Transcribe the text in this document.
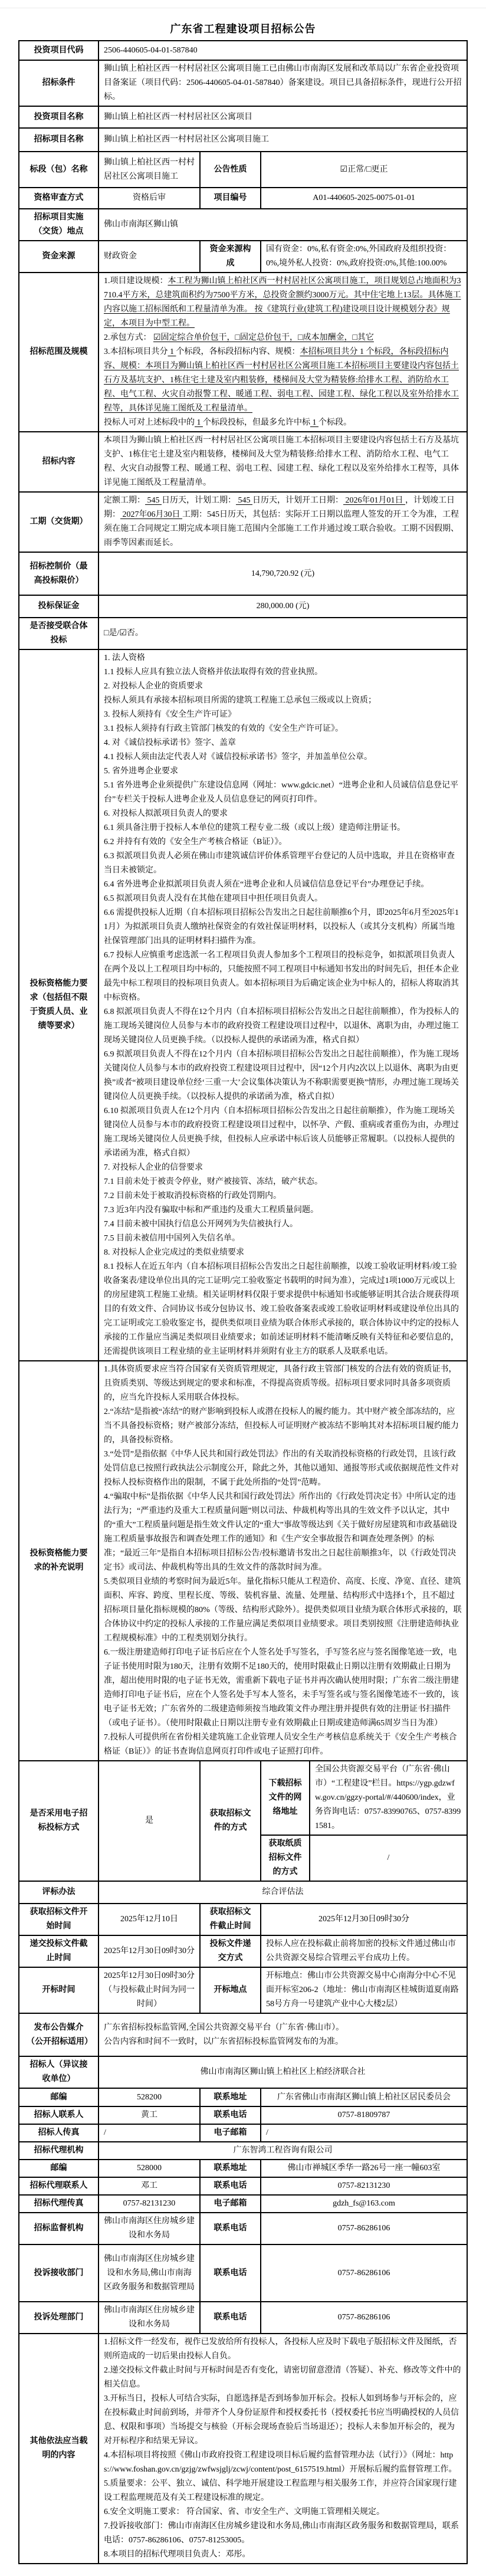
广东省工程建设项目招标公告
投资项目代码	2506-440605-04-01-587840			

招标条件	狮山镇上柏社区西一村村居社区公寓项目施工已由佛山市南海区发展和改革局以广东省企业投资项目备案证（项目代码：2506-440605-04-01-587840）备案建设。项目已具备招标条件，现进行公开招标。			

投资项目名称	狮山镇上柏社区西一村村居社区公寓项目			

招标项目名称	狮山镇上柏社区西一村村居社区公寓项目施工			

标段（包）名称	狮山镇上柏社区西一村村居社区公寓项目施工	公告性质	☑正常/□更正	

资格审查方式	资格后审	项目编号	A01-440605-2025-0075-01-01	

招标项目实施（交货）地点	佛山市南海区狮山镇			

资金来源	财政资金	资金来源构成	国有资金：0%,私有资金:0%,外国政府及组织投资：0%,境外私人投资：0%,政府投资:0%,其他:100.00%	

招标范围及规模	1.项目建设规模：本工程为狮山镇上柏社区西一村村居社区公寓项目施工，项目规划总占地面积为3710.4平方米，总建筑面积约为7500平方米，总投资金额约3000万元。其中住宅地上13层。具体施工内容以施工招标图纸和工程量清单为准。 按《建筑行业(建筑工程)建设项目设计规模划分表》规定，本项目为中型工程。
2.承包方式： ☑固定综合单价包干，□固定总价包干，□成本加酬金，□其它
3.本招标项目共分 1 个标段，各标段招标内容、规模：本招标项目共分 1 个标段，各标段招标内容、规模：本项目为狮山镇上柏社区西一村村居社区公寓项目施工本招标项目主要建设内容包括土石方及基坑支护、1栋住宅土建及室内粗装修，楼梯间及大堂为精装修:给排水工程、消防给水工程、电气工程、火灾自动报警工程、暖通工程、弱电工程、园建工程、绿化工程以及室外给排水工程等，具体详见施工图纸及工程量清单。
投标人可对上述标段中的 1 个标段投标，但最多允许中标 1 个标段。			

招标内容	本项目为狮山镇上柏社区西一村村居社区公寓项目施工本招标项目主要建设内容包括土石方及基坑支护、1栋住宅土建及室内粗装修，楼梯间及大堂为精装修:给排水工程、消防给水工程、电气工程、火灾自动报警工程、暖通工程、弱电工程、园建工程、绿化工程以及室外给排水工程等，具体详见施工图纸及工程量清单。			

工期（交货期）	定额工期： 545 日历天，计划工期： 545 日历天，计划开工日期： 2026年01月01日 ，计划竣工日期： 2027年06月30日 工期：545日历天，其包括：实际开工日期以监理人签发的开工令为准，工程须在施工合同规定工期完成本项目施工范围内全部施工工作并通过竣工联合验收。工期不因假期、雨季等因素而延长。			

招标控制价（最高投标限价）	14,790,720.92 (元)			

投标保证金	280,000.00 (元)			

是否接受联合体投标	□是/☑否。			

投标资格能力要求（包括但不限于资质人员、业绩等要求）

1. 法人资格
1.1 投标人应具有独立法人资格并依法取得有效的营业执照。
2. 对投标人企业的资质要求
投标人须具有承接本招标项目所需的建筑工程施工总承包三级或以上资质；
3. 投标人须持有《安全生产许可证》
3.1 投标人须持有行政主管部门核发的有效的《安全生产许可证》。
4. 对《诚信投标承诺书》签字、盖章
4.1 投标人须由法定代表人对《诚信投标承诺书》签字，并加盖单位公章。
5. 省外进粤企业要求
5.1 省外进粤企业须提供广东建设信息网（网址：www.gdcic.net）“进粤企业和人员诚信信息登记平台”专栏关于投标人进粤企业及人员信息登记的网页打印件。
6. 对投标人拟派项目负责人的要求
6.1 须具备注册于投标人本单位的建筑工程专业二级（或以上级）建造师注册证书。
6.2 并持有有效的《安全生产考核合格证（B证）》。
6.3 拟派项目负责人必须在佛山市建筑诚信评价体系管理平台登记的人员中选取，并且在资格审查当日未被锁定。
6.4 省外进粤企业拟派项目负责人须在“进粤企业和人员诚信信息登记平台”办理登记手续。
6.5 拟派项目负责人没有在其他在建项目中担任项目负责人。
6.6 需提供投标人近期（自本招标项目招标公告发出之日起往前顺推6个月，即2025年6月至2025年11月）为拟派项目负责人缴纳社保资金的有效社保证明材料，以投标人（或其分支机构）所属当地社保管理部门出具的证明材料扫描件为准。
6.7 投标人应慎重考虑选派一名工程项目负责人参加多个工程项目的投标竞争，如拟派项目负责人在两个及以上工程项目均中标的，只能按照不同工程项目中标通知书发出的时间先后，担任本企业最先中标工程项目的投标项目负责人。如本招标项目为后确定该企业为中标人的，招标人将取消其中标资格。
6.8 拟派项目负责人不得在12个月内（自本招标项目招标公告发出之日起往前顺推），作为投标人的施工现场关键岗位人员参与本市的政府投资工程建设项目过程中，以退休、离职为由，办理过施工现场关键岗位人员更换手续。（以投标人提供的承诺函为准，格式自拟）
6.9 拟派项目负责人不得在12个月内（自本招标项目招标公告发出之日起往前顺推），作为施工现场关键岗位人员参与本市的政府投资工程建设项目过程中，因“12个月内2次以上以退休、离职为由更换”或者“被项目建设单位经‘三重一大’会议集体决策认为不称职需要更换”情形，办理过施工现场关键岗位人员更换手续。（以投标人提供的承诺函为准，格式自拟）
6.10 拟派项目负责人在12个月内（自本招标项目招标公告发出之日起往前顺推），作为施工现场关键岗位人员参与本市的政府投资工程建设项目过程中，以怀孕、产假、重病或者重伤为由，办理过施工现场关键岗位人员更换手续，但投标人应承诺中标后该人员能够正常履职。（以投标人提供的承诺函为准，格式自拟）
7. 对投标人企业的信誉要求
7.1 目前未处于被责令停业，财产被接管、冻结，破产状态。
7.2 目前未处于被取消投标资格的行政处罚期内。
7.3 近3年内没有骗取中标和严重违约及重大工程质量问题。
7.4 目前未被中国执行信息公开网列为失信被执行人。
7.5 目前未被信用中国列入失信名单。
8. 对投标人企业完成过的类似业绩要求
8.1 投标人在近五年内（自本招标项目招标公告发出之日起往前顺推，以竣工验收证明材料/竣工验收备案表/建设单位出具的完工证明/完工验收鉴定书载明的时间为准），完成过1项1000万元或以上的房屋建筑工程施工业绩。相关证明材料仅限于要求提供中标通知书或能够证明其合法合规获得项目的有效文件、合同协议书或分包协议书、竣工验收备案表或竣工验收证明材料或建设单位出具的完工证明或完工验收鉴定书，提供类似项目业绩为联合体形式承接的，联合体协议中约定的投标人承接的工作量应当满足类似项目业绩要求；如前述证明材料不能清晰反映有关特征和必要信息的，还需提供该项目工程业绩的业主证明材料并须附有业主方的联系人及联系电话。

投标资格能力要求的补充说明

1.具体资质要求应当符合国家有关资质管理规定，具备行政主管部门核发的合法有效的资质证书，且资质类别、等级达到规定的要求和标准，不得提高资质等级。招标项目要求同时具备多项资质的，应当允许投标人采用联合体投标。
2.“冻结”是指被“冻结”的财产影响到投标人或潜在投标人的履约能力。其中财产被全部冻结的，应当不具备投标资格；财产被部分冻结，但投标人可证明财产被冻结不影响其对本招标项目履约能力的，具备投标资格。
3.“处罚”是指依据《中华人民共和国行政处罚法》作出的有关取消投标资格的行政处罚，且该行政处罚信息已按照行政执法公示制度公开，除此之外，其他以通知、通报等形式或依据规范性文件对投标人投标资格作出的限制，不属于此处所指的“处罚”范畴。
4.“骗取中标”是指依据《中华人民共和国行政处罚法》所作出的《行政处罚决定书》中所认定的违法行为；“严重违约及重大工程质量问题”则以司法、仲裁机构等出具的生效文件予以认定，其中的“重大”工程质量问题是指生效文件认定的“重大”事故等级达到《关于做好房屋建筑和市政基础设施工程质量事故报告和调查处理工作的通知》和《生产安全事故报告和调查处理条例》的标准；“最近三年”是指自本招标项目招标公告/投标邀请书发出之日起往前顺推3年，以《行政处罚决定书》或司法、仲裁机构等出具的生效文件的落款时间为准。
5.类似项目业绩的考察时间为最近5年。量化指标只能从工程造价、高度、长度、净宽、直径、建筑面积、库容、跨度、里程长度、等级、装机容量、流量、处理量、结构形式中选择1个，且不超过招标项目量化指标规模的80%（等级、结构形式除外）。提供类似项目业绩为联合体形式承接的，联合体协议中约定的投标人承接的工作量应满足类似项目业绩要求。项目类别按照《注册建造师执业工程规模标准》中的工程类别划分执行。
6.一级注册建造师打印电子证书后应在个人签名处手写签名，手写签名应与签名图像笔迹一致，电子证书使用时限为180天，注册有效期不足180天的，使用时限截止日期以注册有效期截止日期为准，超出使用时限的电子证书无效，需重新下载电子证书并再次确认使用时限；广东省二级注册建造师打印电子证书后，应在个人签名处手写本人签名，未手写签名或与签名图像笔迹不一致的，该电子证书无效；广东省外的二级建造师须按当地政策文件办理注册并提供有效的注册证书扫描件（或电子证书）。（使用时限截止日期以注册专业有效期截止日期或建造师满65周岁当日为准）
7.投标人可提供所在省份相关建筑施工企业管理人员安全生产考核信息系统关于《安全生产考核合格证（B证）》的证书查询信息网页打印件或电子证照打印件。

是否采用电子招标投标方式	是	获取招标文件的方式	下载招标文件的网络地址	全国公共资源交易平台（广东省·佛山市）“工程建设”栏目。https://ygp.gdzwfw.gov.cn/ggzy-portal/#/440600/index，业务咨询电话：0757-83990765、0757-83991581。

			获取纸质招标文件的方式	/

评标办法	综合评估法			

获取招标文件开始时间	2025年12月10日	获取招标文件截止时间	2025年12月30日09时30分	

递交投标文件截止时间	2025年12月30日09时30分	投标文件递交方式	投标人应在投标截止前将加密的投标文件通过佛山市公共资源交易综合管理云平台成功上传。	

开标时间	2025年12月30日09时30分（与投标截止时间为同一时间）	开标地点	开标地点：佛山市公共资源交易中心南海分中心不见面开标室206-2（地址：佛山市南海区桂城街道夏南路58号方舟一号建筑产业中心大楼2层）	

发布公告媒介（公开招标适用）	广东省招标投标监管网,全国公共资源交易平台（广东省·佛山市）。
公告内容和时间不一致时，以广东省招标投标监管网发布的为准。			

招标人（异议接收单位）	佛山市南海区狮山镇上柏社区上柏经济联合社			

邮编	528200	联系地址	广东省佛山市南海区狮山镇上柏社区居民委员会	

招标人联系人	黄工	联系电话	0757-81809787	

招标人传真	/	电子邮箱	/	

招标代理机构	广东智鸿工程咨询有限公司			

邮编	528000	联系地址	佛山市禅城区季华一路26号一座一幢603室	

招标代理联系人	邓工	联系电话	0757-82131230	

招标代理传真	0757-82131230	电子邮箱	gdzh_fs@163.com	

招标监督机构	佛山市南海区住房城乡建设和水务局	联系电话	0757-86286106	

投诉接收部门	佛山市南海区住房城乡建设和水务局,佛山市南海区政务服务和数据管理局	联系电话	0757-86286106	

投诉处理部门	佛山市南海区住房城乡建设和水务局	联系电话	0757-86286106	

其他依法应当载明的内容

1.招标文件一经发布，视作已发放给所有投标人，各投标人应及时下载电子版招标文件及图纸，否则所造成的一切后果由投标人自负。
2.递交投标文件截止时间与开标时间是否有变化，请密切留意澄清（答疑）、补充、修改等文件中的相关信息。
3.开标当日，投标人可结合实际，自愿选择是否到场参加开标会。投标人如到场参与开标会的，应在投标截止时间前到场，并带齐个人身份证原件和授权委托书（授权委托书应当明确授权的人员信息、权限和事项）当场提交与核验（开标会现场查验后当场退还）；投标人未参加开标会的，视为对开标程序和结果无异议。
4.本招标项目将按照《佛山市政府投资工程建设项目标后履约监督管理办法（试行）》（网址：https://www.foshan.gov.cn/gzjg/zwfwsjglj/zcwj/content/post_6157519.html）开展标后履约监督管理工作。
5.质量要求：公平、独立、诚信、科学地开展建设工程监理与相关服务工作，并应符合国家现行建设工程监理规范及有关工程建设标准的规定。
6.安全文明施工要求： 符合国家、省、市安全生产、文明施工管理相关规定。
7.投诉接收部门：佛山市南海区住房城乡建设和水务局,佛山市南海区政务服务和数据管理局，联系电话：0757-86286106、0757-81253005。
8.本项目的招标代理项目负责人：邓彤。
